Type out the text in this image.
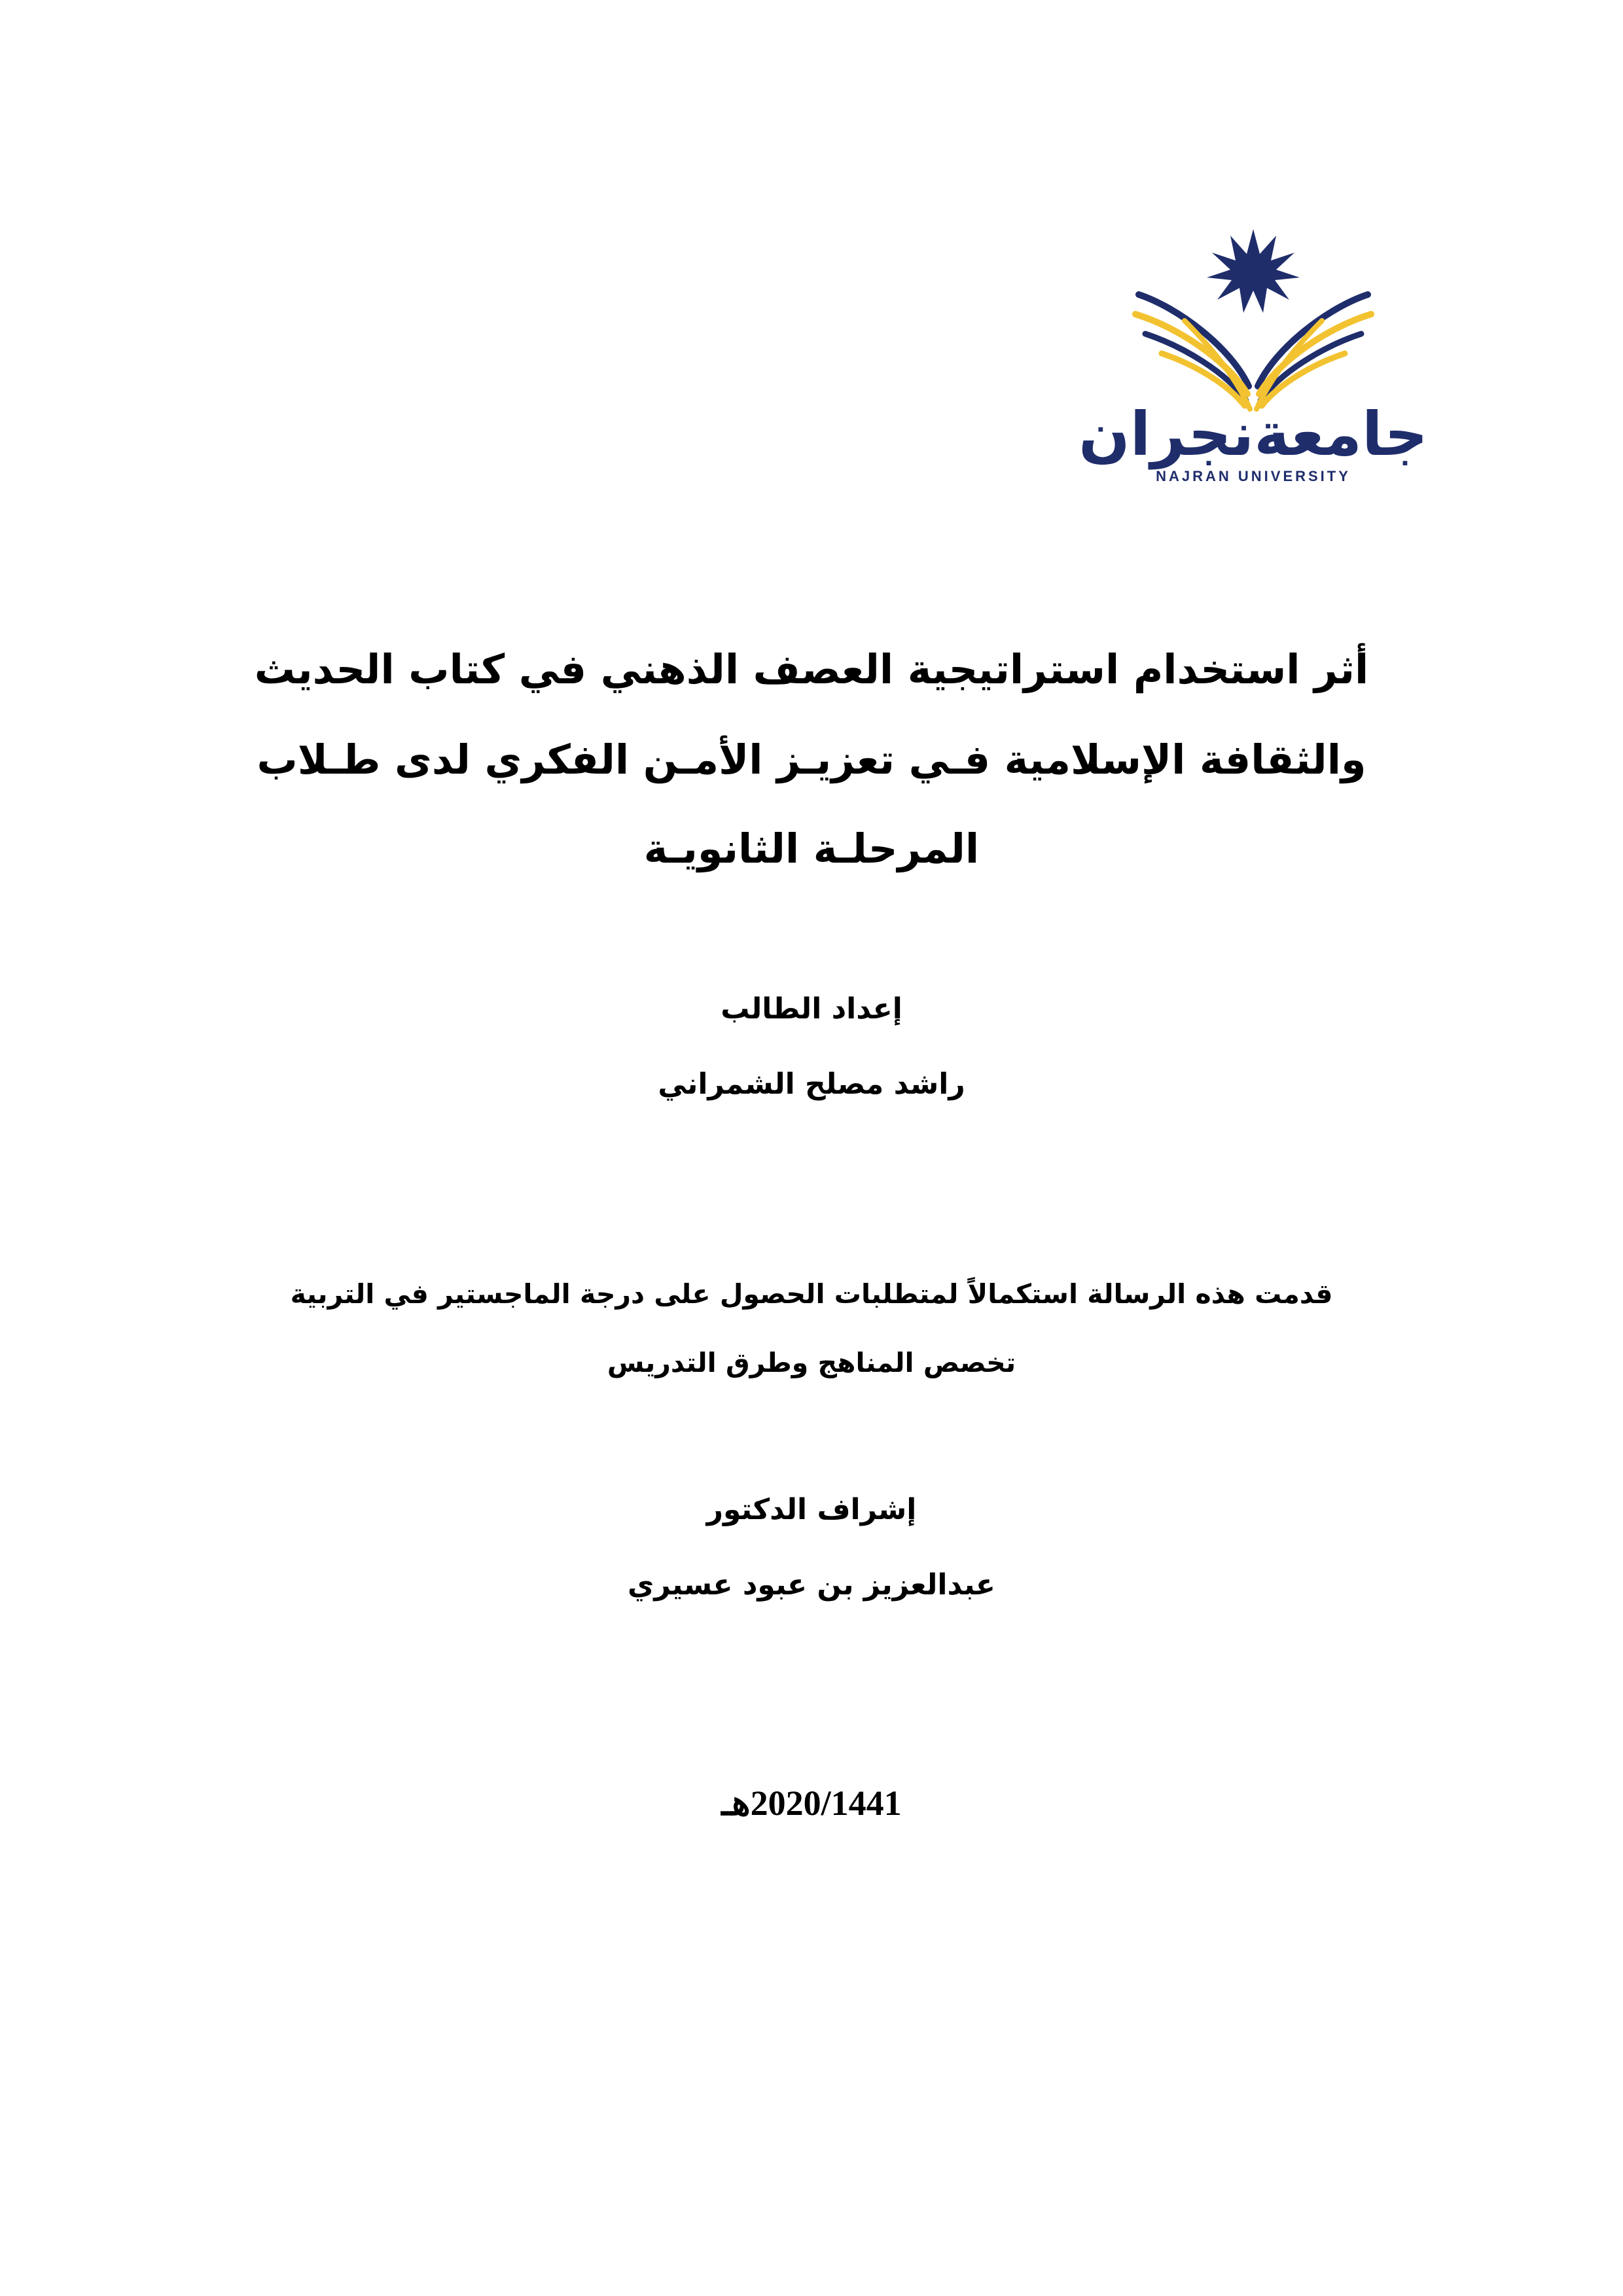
جامعةنجران
NAJRAN UNIVERSITY
أثر استخدام استراتيجية العصف الذهني في كتاب الحديث
والثقافة الإسلامية فـي تعزيـز الأمـن الفكري لدى طـلاب
المرحلـة الثانويـة
إعداد الطالب
راشد مصلح الشمراني
قدمت هذه الرسالة استكمالاً لمتطلبات الحصول على درجة الماجستير في التربية
تخصص المناهج وطرق التدريس
إشراف الدكتور
عبدالعزيز بن عبود عسيري
2020/1441هـ
